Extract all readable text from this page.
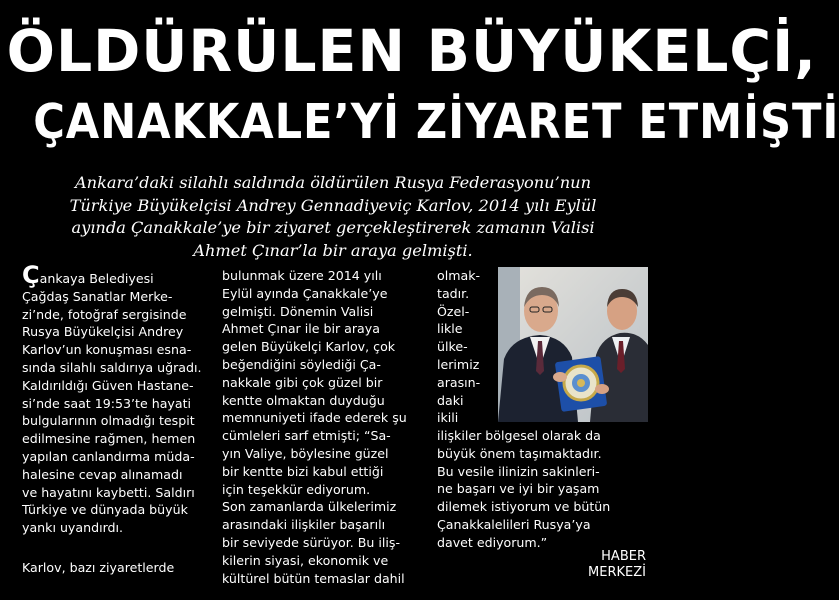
ÖLDÜRÜLEN BÜYÜKELÇİ,
ÇANAKKALE’Yİ ZİYARET ETMİŞTİ
Ankara’daki silahlı saldırıda öldürülen Rusya Federasyonu’nun
Türkiye Büyükelçisi Andrey Gennadiyeviç Karlov, 2014 yılı Eylül
ayında Çanakkale’ye bir ziyaret gerçekleştirerek zamanın Valisi
Ahmet Çınar’la bir araya gelmişti.
Çankaya Belediyesi
Çağdaş Sanatlar Merke-
zi’nde, fotoğraf sergisinde
Rusya Büyükelçisi Andrey
Karlov’un konuşması esna-
sında silahlı saldırıya uğradı.
Kaldırıldığı Güven Hastane-
si’nde saat 19:53’te hayati
bulgularının olmadığı tespit
edilmesine rağmen, hemen
yapılan canlandırma müda-
halesine cevap alınamadı
ve hayatını kaybetti. Saldırı
Türkiye ve dünyada büyük
yankı uyandırdı.
Karlov, bazı ziyaretlerde
bulunmak üzere 2014 yılı
Eylül ayında Çanakkale’ye
gelmişti. Dönemin Valisi
Ahmet Çınar ile bir araya
gelen Büyükelçi Karlov, çok
beğendiğini söylediği Ça-
nakkale gibi çok güzel bir
kentte olmaktan duyduğu
memnuniyeti ifade ederek şu
cümleleri sarf etmişti; “Sa-
yın Valiye, böylesine güzel
bir kentte bizi kabul ettiği
için teşekkür ediyorum.
Son zamanlarda ülkelerimiz
arasındaki ilişkiler başarılı
bir seviyede sürüyor. Bu iliş-
kilerin siyasi, ekonomik ve
kültürel bütün temaslar dahil
olmak-
tadır.
Özel-
likle
ülke-
lerimiz
arasın-
daki
ikili
ilişkiler bölgesel olarak da
büyük önem taşımaktadır.
Bu vesile ilinizin sakinleri-
ne başarı ve iyi bir yaşam
dilemek istiyorum ve bütün
Çanakkalelileri Rusya’ya
davet ediyorum.”
HABER
MERKEZİ
